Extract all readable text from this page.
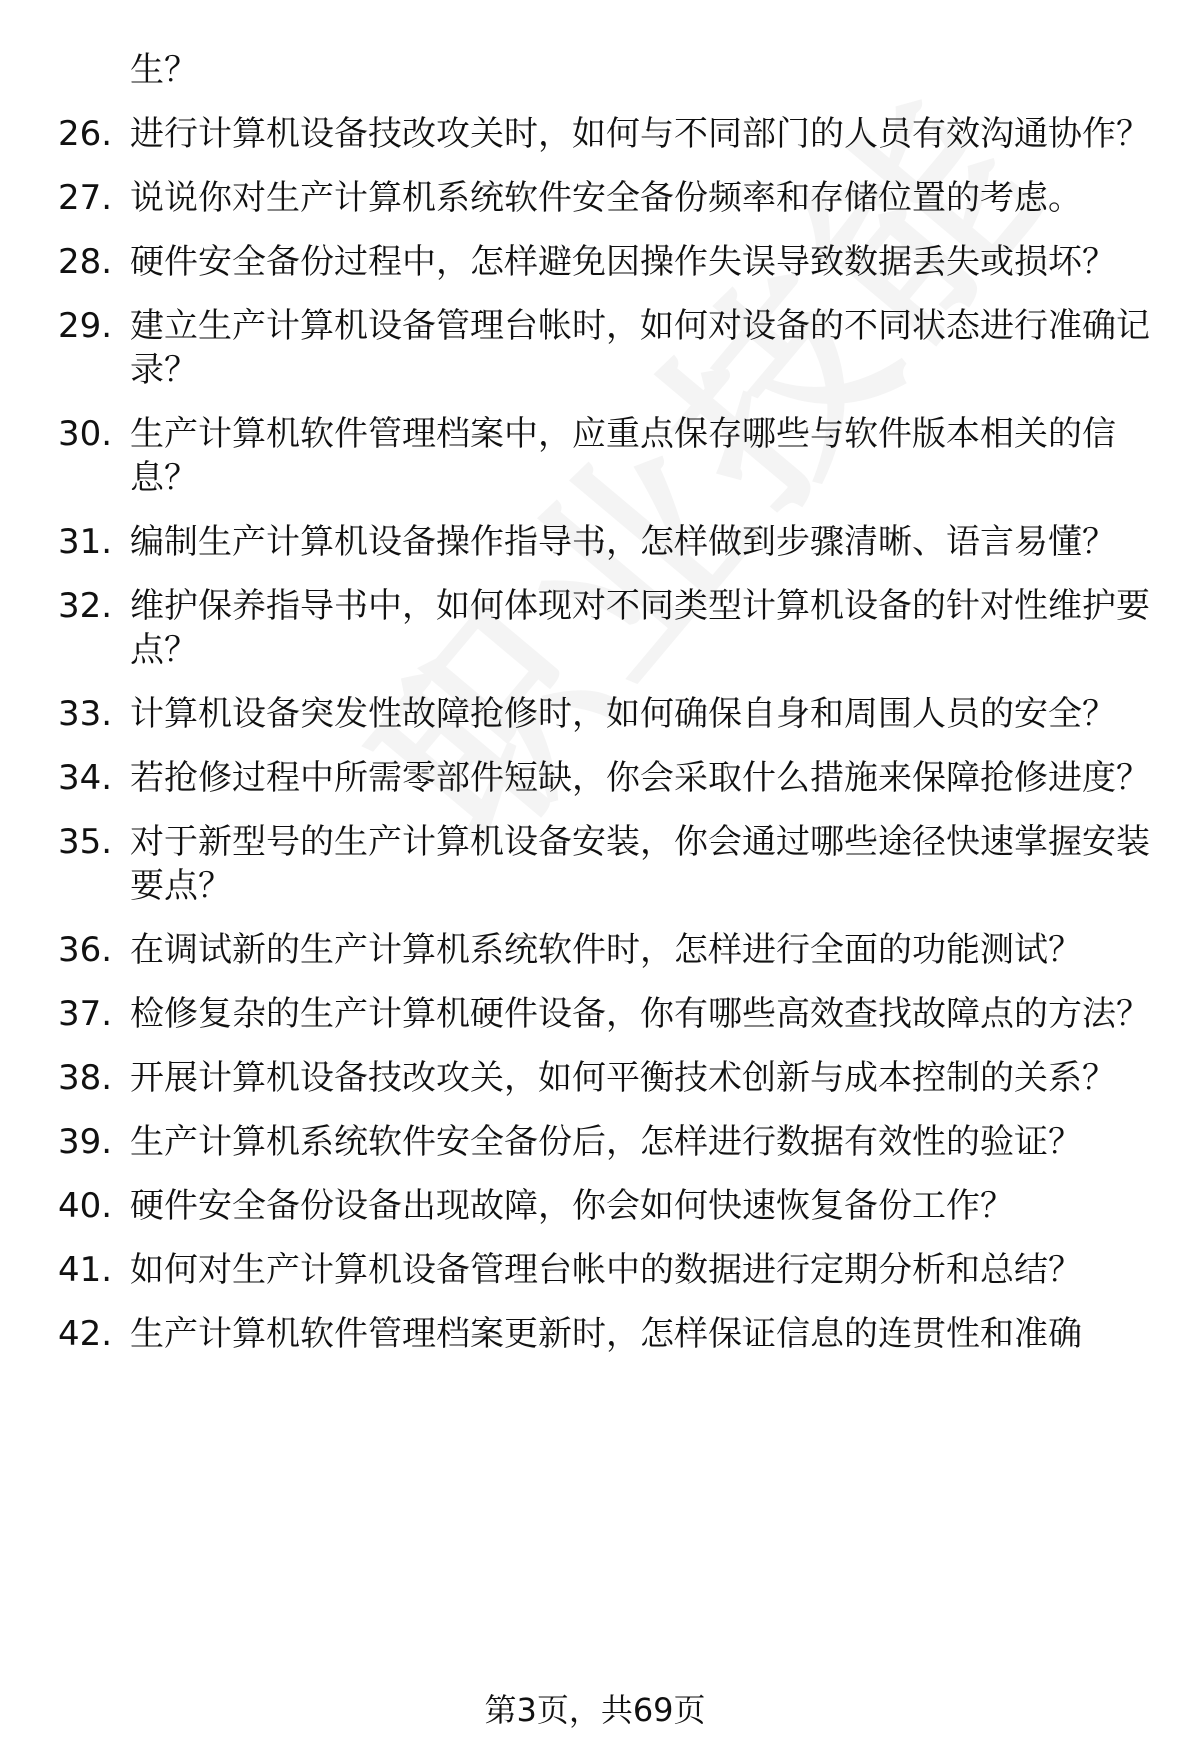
生？
26. 进行计算机设备技改攻关时，如何与不同部门的人员有效沟通协作？
27. 说说你对生产计算机系统软件安全备份频率和存储位置的考虑。
28. 硬件安全备份过程中，怎样避免因操作失误导致数据丢失或损坏？
29. 建立生产计算机设备管理台帐时，如何对设备的不同状态进行准确记录？
30. 生产计算机软件管理档案中，应重点保存哪些与软件版本相关的信息？
31. 编制生产计算机设备操作指导书，怎样做到步骤清晰、语言易懂？
32. 维护保养指导书中，如何体现对不同类型计算机设备的针对性维护要点？
33. 计算机设备突发性故障抢修时，如何确保自身和周围人员的安全？
34. 若抢修过程中所需零部件短缺，你会采取什么措施来保障抢修进度？
35. 对于新型号的生产计算机设备安装，你会通过哪些途径快速掌握安装要点？
36. 在调试新的生产计算机系统软件时，怎样进行全面的功能测试？
37. 检修复杂的生产计算机硬件设备，你有哪些高效查找故障点的方法？
38. 开展计算机设备技改攻关，如何平衡技术创新与成本控制的关系？
39. 生产计算机系统软件安全备份后，怎样进行数据有效性的验证？
40. 硬件安全备份设备出现故障，你会如何快速恢复备份工作？
41. 如何对生产计算机设备管理台帐中的数据进行定期分析和总结？
42. 生产计算机软件管理档案更新时，怎样保证信息的连贯性和准确
第3页，共69页
